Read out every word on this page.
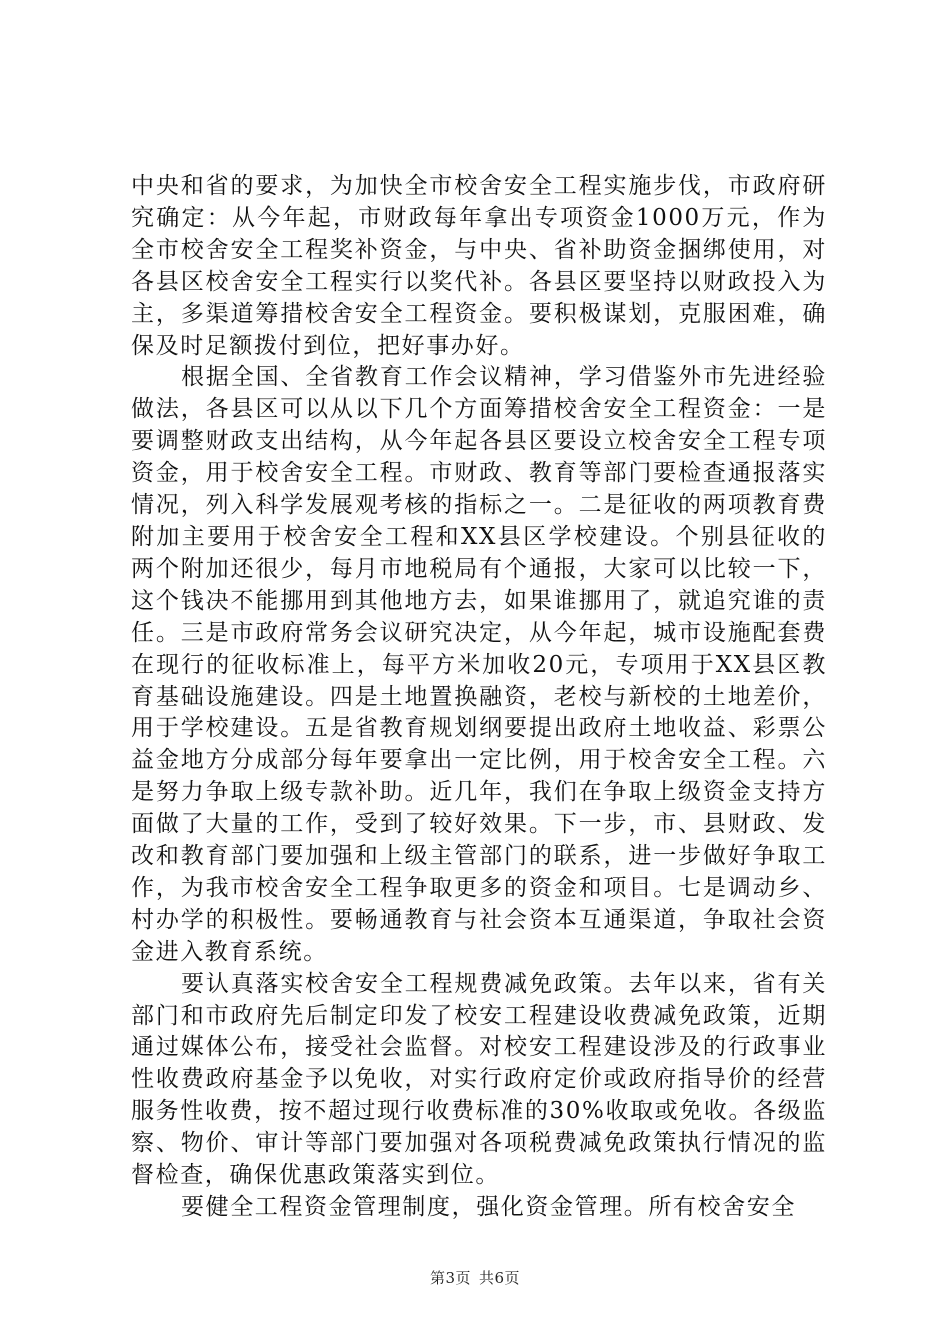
中央和省的要求，为加快全市校舍安全工程实施步伐，市政府研究确定：从今年起，市财政每年拿出专项资金1000万元，作为全市校舍安全工程奖补资金，与中央、省补助资金捆绑使用，对各县区校舍安全工程实行以奖代补。各县区要坚持以财政投入为主，多渠道筹措校舍安全工程资金。要积极谋划，克服困难，确保及时足额拨付到位，把好事办好。

根据全国、全省教育工作会议精神，学习借鉴外市先进经验做法，各县区可以从以下几个方面筹措校舍安全工程资金：一是要调整财政支出结构，从今年起各县区要设立校舍安全工程专项资金，用于校舍安全工程。市财政、教育等部门要检查通报落实情况，列入科学发展观考核的指标之一。二是征收的两项教育费附加主要用于校舍安全工程和XX县区学校建设。个别县征收的两个附加还很少，每月市地税局有个通报，大家可以比较一下，这个钱决不能挪用到其他地方去，如果谁挪用了，就追究谁的责任。三是市政府常务会议研究决定，从今年起，城市设施配套费在现行的征收标准上，每平方米加收20元，专项用于XX县区教育基础设施建设。四是土地置换融资，老校与新校的土地差价，用于学校建设。五是省教育规划纲要提出政府土地收益、彩票公益金地方分成部分每年要拿出一定比例，用于校舍安全工程。六是努力争取上级专款补助。近几年，我们在争取上级资金支持方面做了大量的工作，受到了较好效果。下一步，市、县财政、发改和教育部门要加强和上级主管部门的联系，进一步做好争取工作，为我市校舍安全工程争取更多的资金和项目。七是调动乡、村办学的积极性。要畅通教育与社会资本互通渠道，争取社会资金进入教育系统。

要认真落实校舍安全工程规费减免政策。去年以来，省有关部门和市政府先后制定印发了校安工程建设收费减免政策，近期通过媒体公布，接受社会监督。对校安工程建设涉及的行政事业性收费政府基金予以免收，对实行政府定价或政府指导价的经营服务性收费，按不超过现行收费标准的30%收取或免收。各级监察、物价、审计等部门要加强对各项税费减免政策执行情况的监督检查，确保优惠政策落实到位。

要健全工程资金管理制度，强化资金管理。所有校舍安全

第3页 共6页
